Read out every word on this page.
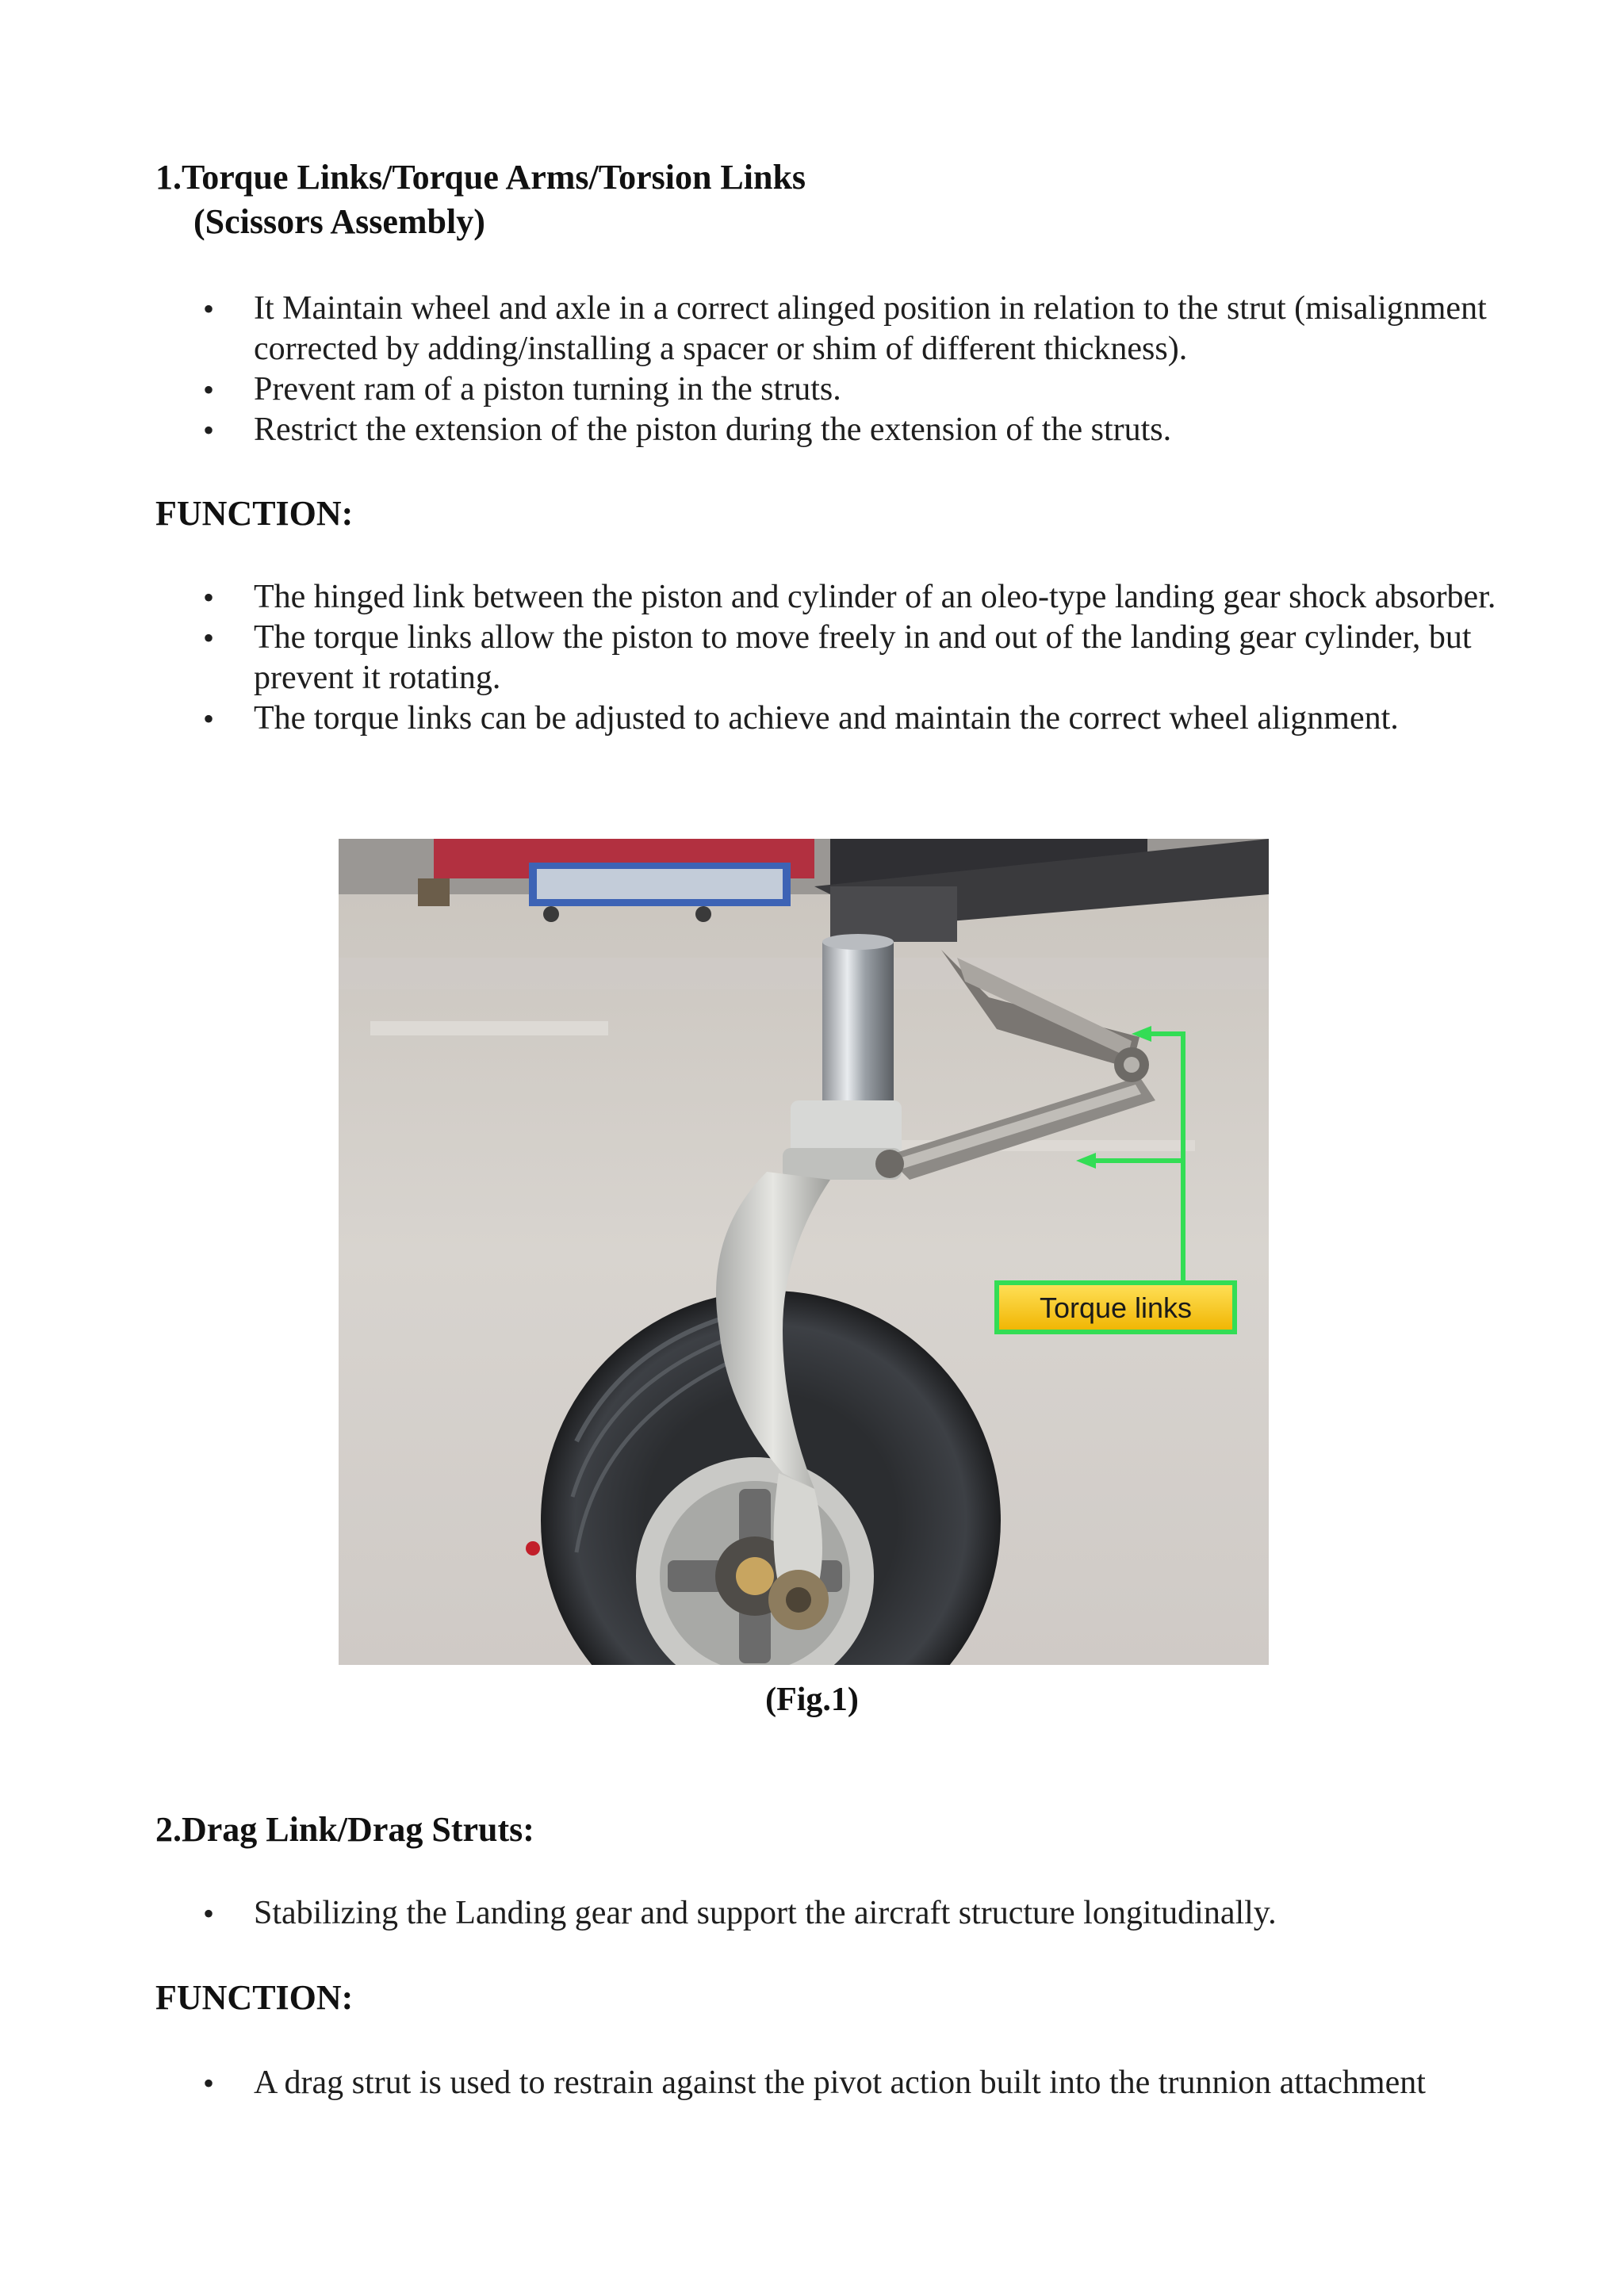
1.Torque Links/Torque Arms/Torsion Links
(Scissors Assembly)
• It Maintain wheel and axle in a correct alinged position in relation to the strut (misalignment corrected by adding/installing a spacer or shim of different thickness).
• Prevent ram of a piston turning in the struts.
• Restrict the extension of the piston during the extension of the struts.
FUNCTION:
• The hinged link between the piston and cylinder of an oleo-type landing gear shock absorber.
• The torque links allow the piston to move freely in and out of the landing gear cylinder, but prevent it rotating.
• The torque links can be adjusted to achieve and maintain the correct wheel alignment.
Torque links
(Fig.1)
2.Drag Link/Drag Struts:
• Stabilizing the Landing gear and support the aircraft structure longitudinally.
FUNCTION:
• A drag strut is used to restrain against the pivot action built into the trunnion attachment
